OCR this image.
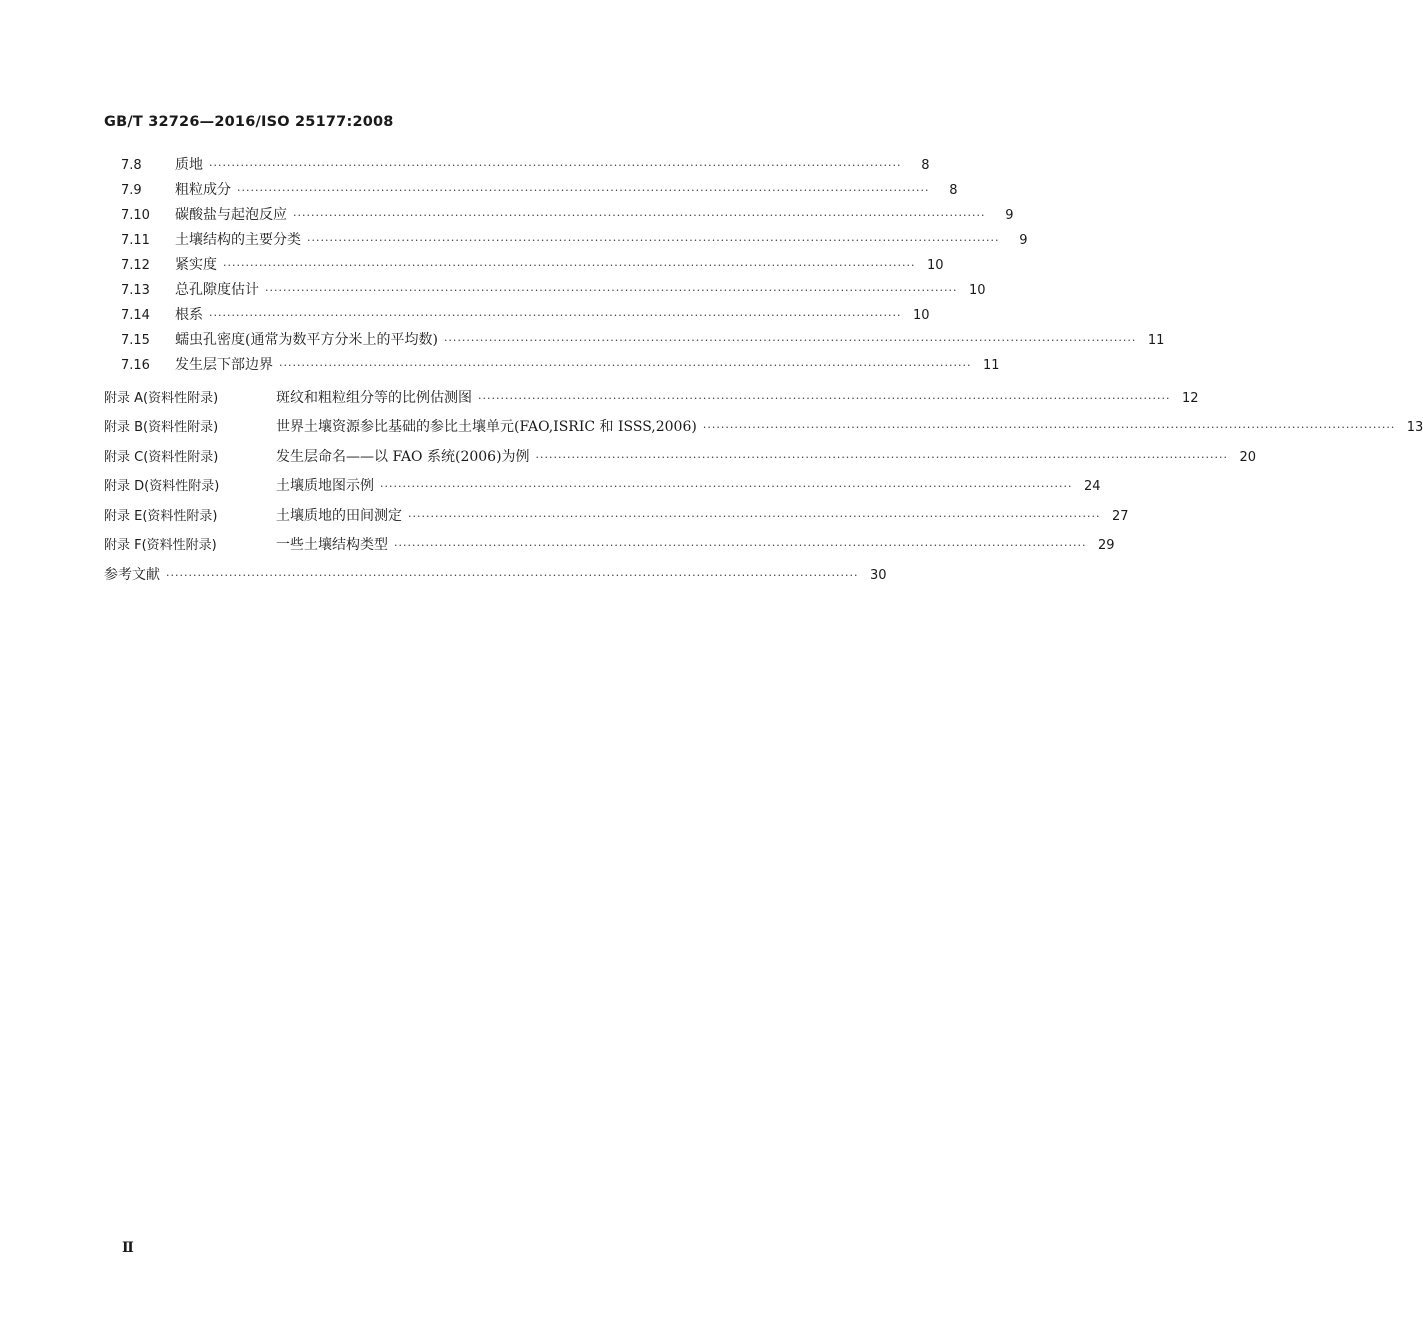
GB/T 32726—2016/ISO 25177:2008
7.8	质地 ··························································································································································	8
7.9	粗粒成分 ··························································································································································	8
7.10	碳酸盐与起泡反应 ··························································································································································	9
7.11	土壤结构的主要分类 ··························································································································································	9
7.12	紧实度 ·························································································································································· 10
7.13	总孔隙度估计 ·························································································································································· 10
7.14	根系 ·························································································································································· 10
7.15	蠕虫孔密度(通常为数平方分米上的平均数) ·························································································································································· 11
7.16	发生层下部边界 ·························································································································································· 11
附录 A(资料性附录)	斑纹和粗粒组分等的比例估测图 ·························································································································································· 12
附录 B(资料性附录)	世界土壤资源参比基础的参比土壤单元(FAO,ISRIC 和 ISSS,2006) ·························································································································································· 13
附录 C(资料性附录)	发生层命名——以 FAO 系统(2006)为例 ·························································································································································· 20
附录 D(资料性附录)	土壤质地图示例 ·························································································································································· 24
附录 E(资料性附录)	土壤质地的田间测定 ·························································································································································· 27
附录 F(资料性附录)	一些土壤结构类型 ·························································································································································· 29
参考文献 ·························································································································································· 30
Ⅱ
